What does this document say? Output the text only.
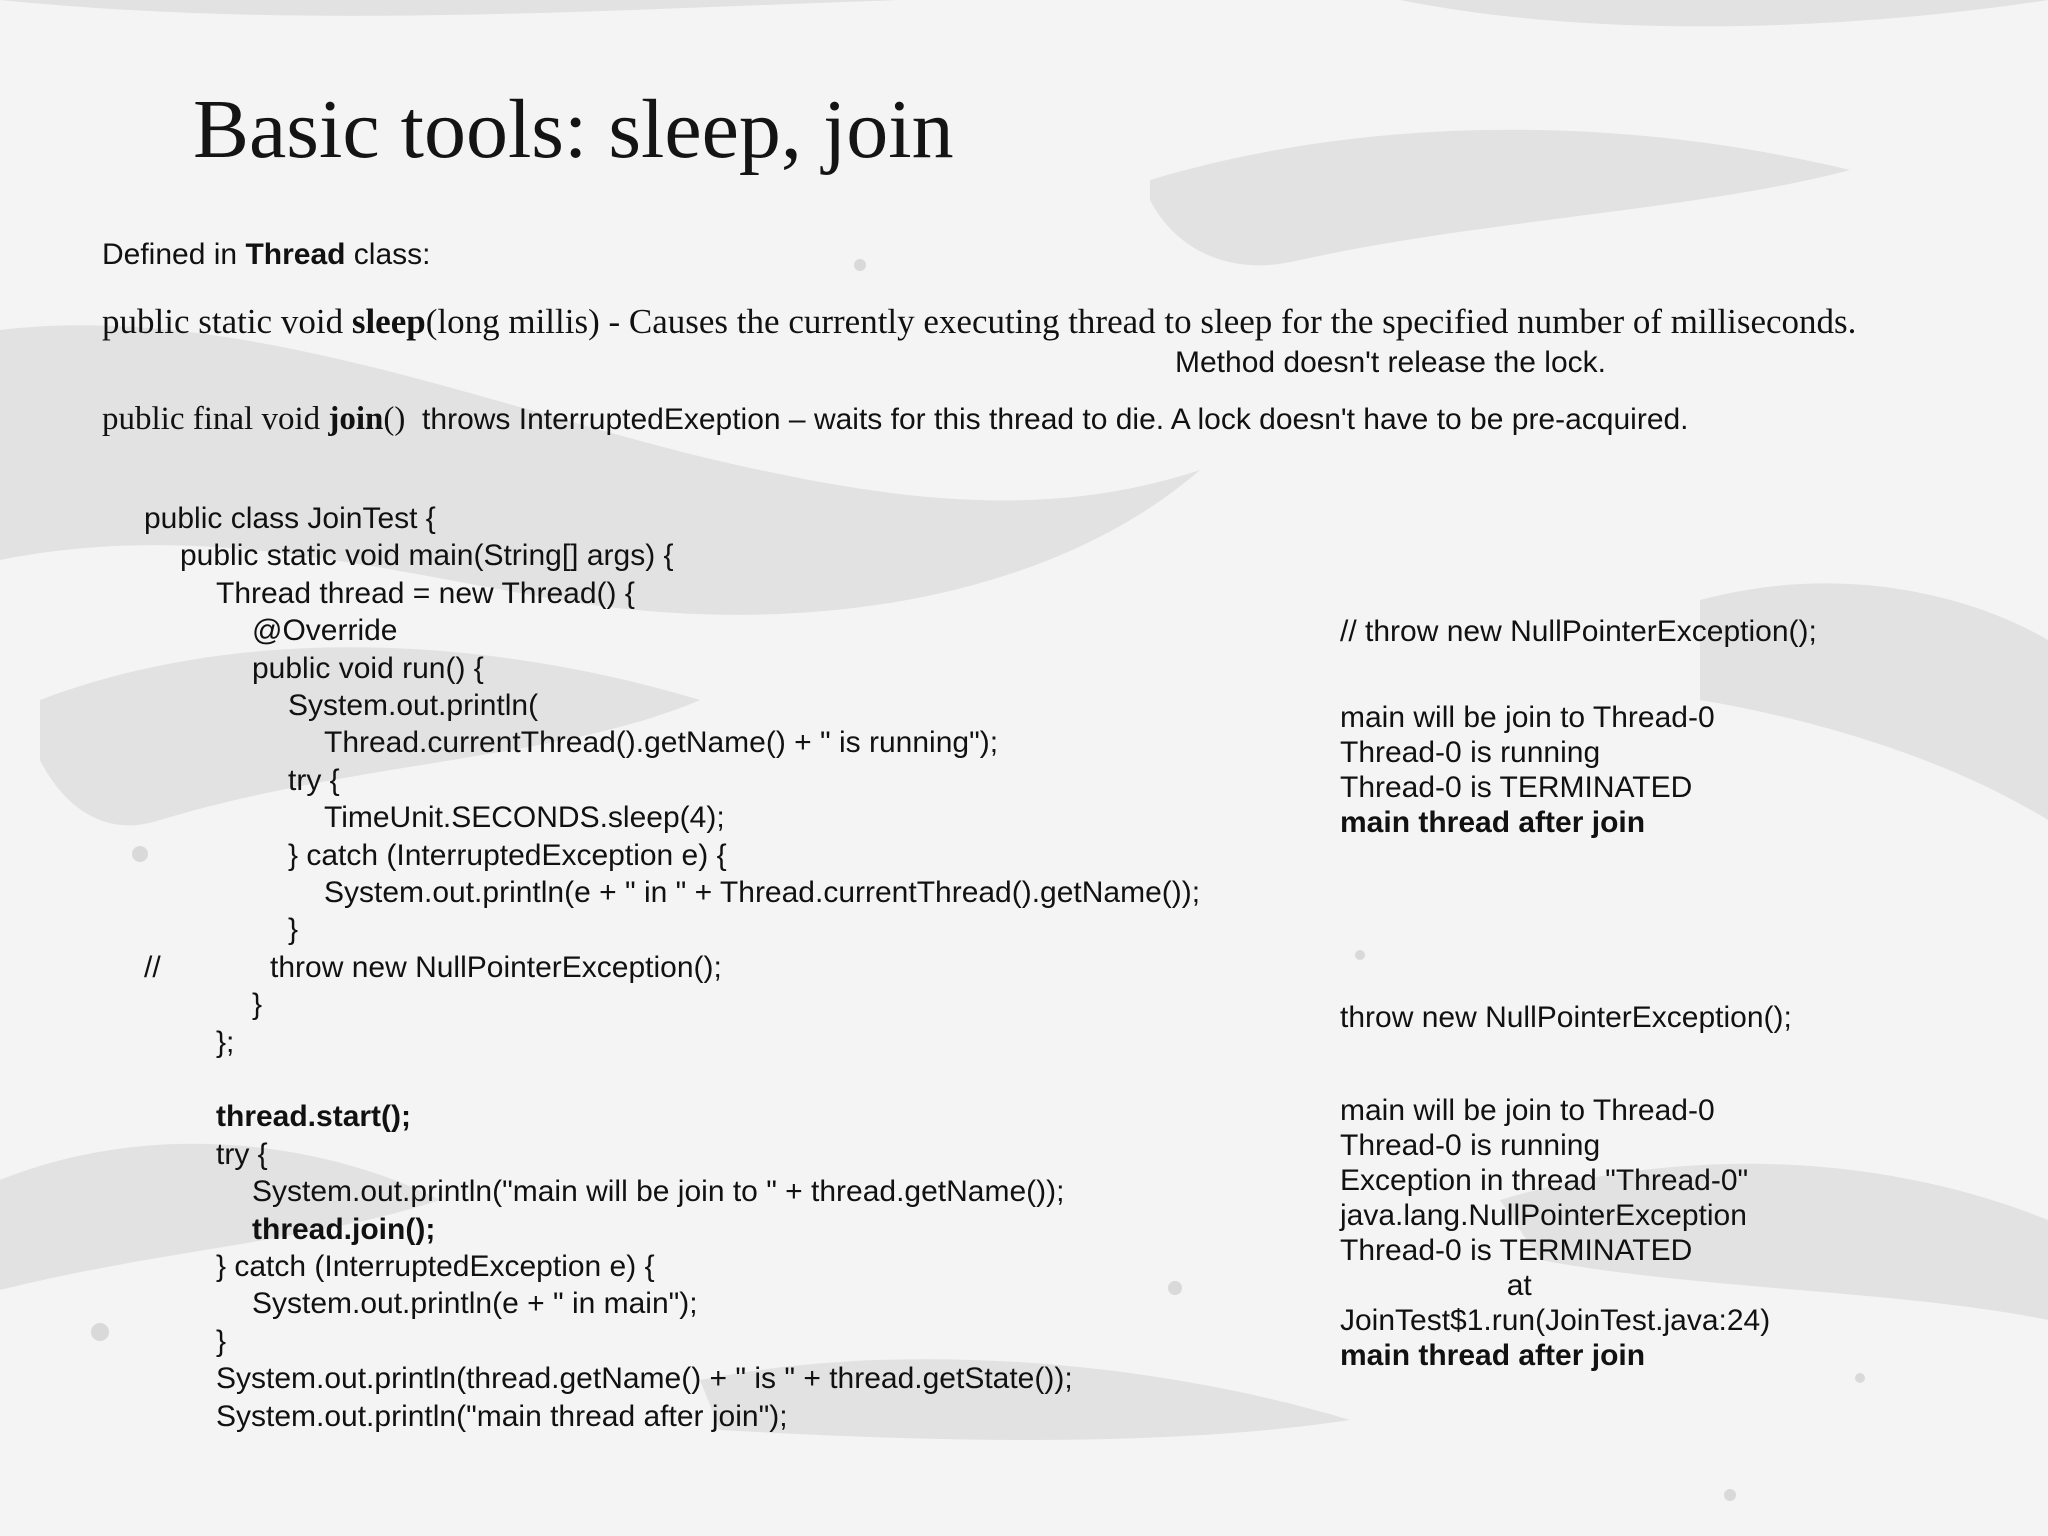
Basic tools: sleep, join
Defined in Thread class:
public static void sleep(long millis) - Causes the currently executing thread to sleep for the specified number of milliseconds.
Method doesn't release the lock.
public final void join()  throws InterruptedExeption – waits for this thread to die. A lock doesn't have to be pre-acquired.
public class JoinTest {
public static void main(String[] args) {
Thread thread = new Thread() {
@Override
public void run() {
System.out.println(
Thread.currentThread().getName() + " is running");
try {
TimeUnit.SECONDS.sleep(4);
} catch (InterruptedException e) {
System.out.println(e + " in " + Thread.currentThread().getName());
}
//	throw new NullPointerException();
}
};
thread.start();
try {
System.out.println("main will be join to " + thread.getName());
thread.join();
} catch (InterruptedException e) {
System.out.println(e + " in main");
}
System.out.println(thread.getName() + " is " + thread.getState());
System.out.println("main thread after join");
// throw new NullPointerException();
main will be join to Thread-0
Thread-0 is running
Thread-0 is TERMINATED
main thread after join
throw new NullPointerException();
main will be join to Thread-0
Thread-0 is running
Exception in thread "Thread-0"
java.lang.NullPointerException
Thread-0 is TERMINATED
at
JoinTest$1.run(JoinTest.java:24)
main thread after join
